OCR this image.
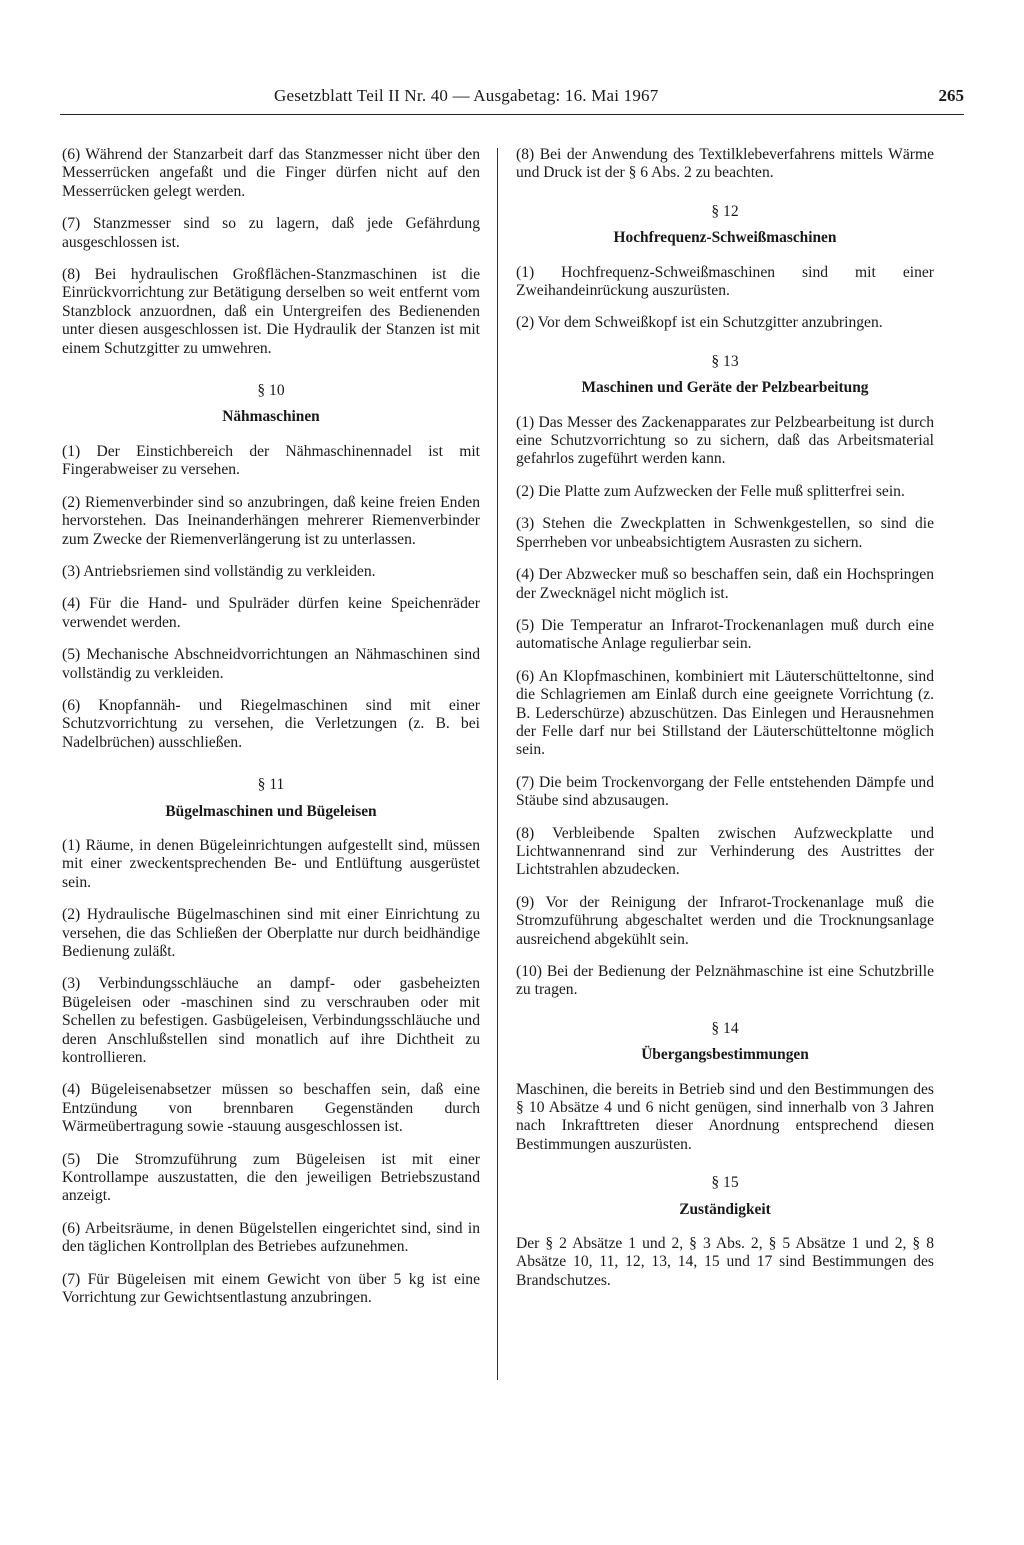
Gesetzblatt Teil II Nr. 40 — Ausgabetag: 16. Mai 1967	265

(6) Während der Stanzarbeit darf das Stanzmesser nicht über den Messerrücken angefaßt und die Finger dürfen nicht auf den Messerrücken gelegt werden.

(7) Stanzmesser sind so zu lagern, daß jede Gefährdung ausgeschlossen ist.

(8) Bei hydraulischen Großflächen-Stanzmaschinen ist die Einrückvorrichtung zur Betätigung derselben so weit entfernt vom Stanzblock anzuordnen, daß ein Untergreifen des Bedienenden unter diesen ausgeschlossen ist. Die Hydraulik der Stanzen ist mit einem Schutzgitter zu umwehren.

§ 10
Nähmaschinen

(1) Der Einstichbereich der Nähmaschinennadel ist mit Fingerabweiser zu versehen.

(2) Riemenverbinder sind so anzubringen, daß keine freien Enden hervorstehen. Das Ineinanderhängen mehrerer Riemenverbinder zum Zwecke der Riemenverlängerung ist zu unterlassen.

(3) Antriebsriemen sind vollständig zu verkleiden.

(4) Für die Hand- und Spulräder dürfen keine Speichenräder verwendet werden.

(5) Mechanische Abschneidvorrichtungen an Nähmaschinen sind vollständig zu verkleiden.

(6) Knopfannäh- und Riegelmaschinen sind mit einer Schutzvorrichtung zu versehen, die Verletzungen (z. B. bei Nadelbrüchen) ausschließen.

§ 11
Bügelmaschinen und Bügeleisen

(1) Räume, in denen Bügeleinrichtungen aufgestellt sind, müssen mit einer zweckentsprechenden Be- und Entlüftung ausgerüstet sein.

(2) Hydraulische Bügelmaschinen sind mit einer Einrichtung zu versehen, die das Schließen der Oberplatte nur durch beidhändige Bedienung zuläßt.

(3) Verbindungsschläuche an dampf- oder gasbeheizten Bügeleisen oder -maschinen sind zu verschrauben oder mit Schellen zu befestigen. Gasbügeleisen, Verbindungsschläuche und deren Anschlußstellen sind monatlich auf ihre Dichtheit zu kontrollieren.

(4) Bügeleisenabsetzer müssen so beschaffen sein, daß eine Entzündung von brennbaren Gegenständen durch Wärmeübertragung sowie -stauung ausgeschlossen ist.

(5) Die Stromzuführung zum Bügeleisen ist mit einer Kontrollampe auszustatten, die den jeweiligen Betriebszustand anzeigt.

(6) Arbeitsräume, in denen Bügelstellen eingerichtet sind, sind in den täglichen Kontrollplan des Betriebes aufzunehmen.

(7) Für Bügeleisen mit einem Gewicht von über 5 kg ist eine Vorrichtung zur Gewichtsentlastung anzubringen.

(8) Bei der Anwendung des Textilklebeverfahrens mittels Wärme und Druck ist der § 6 Abs. 2 zu beachten.

§ 12
Hochfrequenz-Schweißmaschinen

(1) Hochfrequenz-Schweißmaschinen sind mit einer Zweihandeinrückung auszurüsten.

(2) Vor dem Schweißkopf ist ein Schutzgitter anzubringen.

§ 13
Maschinen und Geräte der Pelzbearbeitung

(1) Das Messer des Zackenapparates zur Pelzbearbeitung ist durch eine Schutzvorrichtung so zu sichern, daß das Arbeitsmaterial gefahrlos zugeführt werden kann.

(2) Die Platte zum Aufzwecken der Felle muß splitterfrei sein.

(3) Stehen die Zweckplatten in Schwenkgestellen, so sind die Sperrheben vor unbeabsichtigtem Ausrasten zu sichern.

(4) Der Abzwecker muß so beschaffen sein, daß ein Hochspringen der Zwecknägel nicht möglich ist.

(5) Die Temperatur an Infrarot-Trockenanlagen muß durch eine automatische Anlage regulierbar sein.

(6) An Klopfmaschinen, kombiniert mit Läuterschütteltonne, sind die Schlagriemen am Einlaß durch eine geeignete Vorrichtung (z. B. Lederschürze) abzuschützen. Das Einlegen und Herausnehmen der Felle darf nur bei Stillstand der Läuterschütteltonne möglich sein.

(7) Die beim Trockenvorgang der Felle entstehenden Dämpfe und Stäube sind abzusaugen.

(8) Verbleibende Spalten zwischen Aufzweckplatte und Lichtwannenrand sind zur Verhinderung des Austrittes der Lichtstrahlen abzudecken.

(9) Vor der Reinigung der Infrarot-Trockenanlage muß die Stromzuführung abgeschaltet werden und die Trocknungsanlage ausreichend abgekühlt sein.

(10) Bei der Bedienung der Pelznähmaschine ist eine Schutzbrille zu tragen.

§ 14
Übergangsbestimmungen

Maschinen, die bereits in Betrieb sind und den Bestimmungen des § 10 Absätze 4 und 6 nicht genügen, sind innerhalb von 3 Jahren nach Inkrafttreten dieser Anordnung entsprechend diesen Bestimmungen auszurüsten.

§ 15
Zuständigkeit

Der § 2 Absätze 1 und 2, § 3 Abs. 2, § 5 Absätze 1 und 2, § 8 Absätze 10, 11, 12, 13, 14, 15 und 17 sind Bestimmungen des Brandschutzes.
